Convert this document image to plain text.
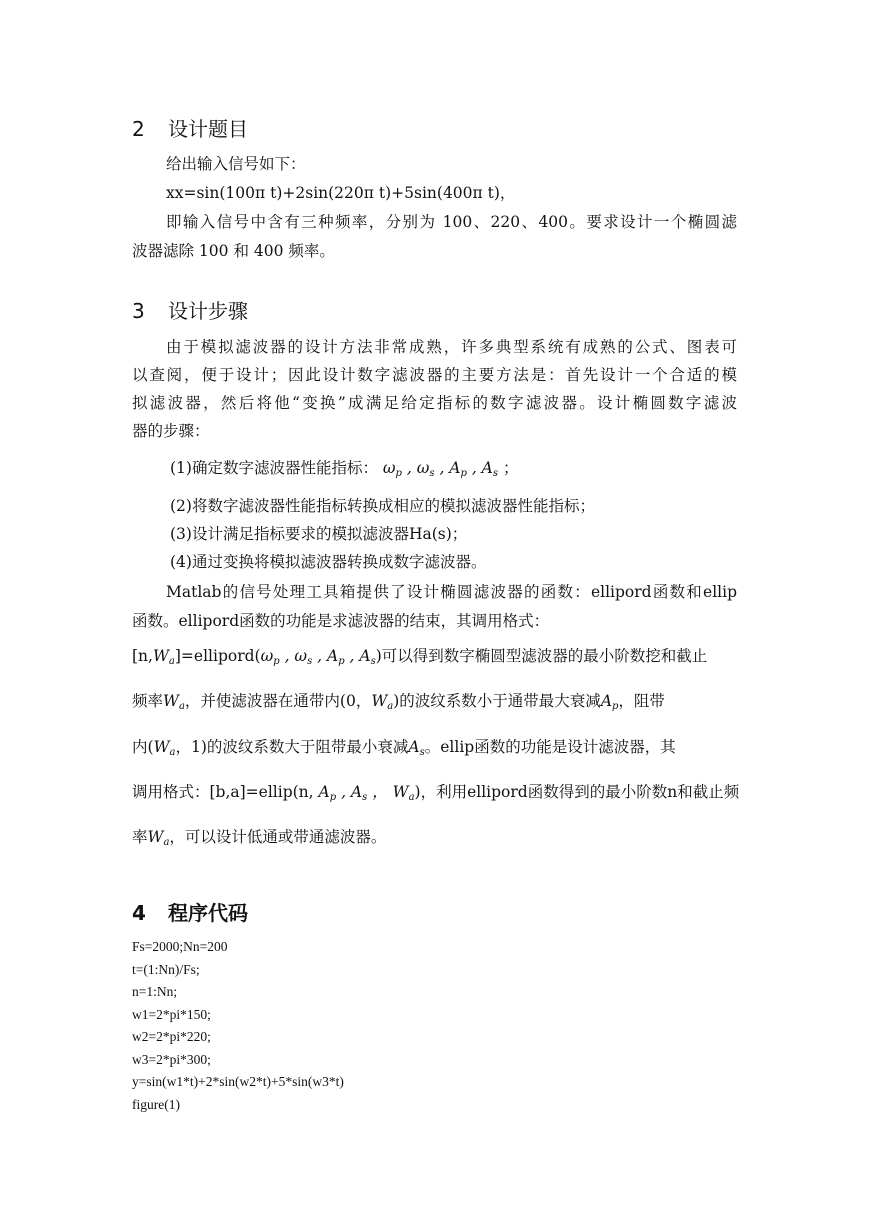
2 设计题目
给出输入信号如下：
xx=sin(100π t)+2sin(220π t)+5sin(400π t)，
即输入信号中含有三种频率，分别为 100、220、400。要求设计一个椭圆滤
波器滤除 100 和 400 频率。
3 设计步骤
由于模拟滤波器的设计方法非常成熟，许多典型系统有成熟的公式、图表可
以查阅，便于设计；因此设计数字滤波器的主要方法是：首先设计一个合适的模
拟滤波器，然后将他“变换”成满足给定指标的数字滤波器。设计椭圆数字滤波
器的步骤：
(1)确定数字滤波器性能指标： $\omega_p$ , $\omega_s$ , $A_p$ , $A_s$ ；
(2)将数字滤波器性能指标转换成相应的模拟滤波器性能指标；
(3)设计满足指标要求的模拟滤波器Ha(s)；
(4)通过变换将模拟滤波器转换成数字滤波器。
Matlab的信号处理工具箱提供了设计椭圆滤波器的函数：ellipord函数和ellip
函数。ellipord函数的功能是求滤波器的结束，其调用格式：
$[n,W_a]=ellipord(\omega_p$ , $\omega_s$ , $A_p$ , $A_s$)可以得到数字椭圆型滤波器的最小阶数挖和截止
频率$W_a$，并使滤波器在通带内(0，$W_a$)的波纹系数小于通带最大衰减$A_p$，阻带
内($W_a$，1)的波纹系数大于阻带最小衰减$A_s$。ellip函数的功能是设计滤波器，其
调用格式：[b,a]=ellip(n, $A_p$ , $A_s$ ， $W_a$)，利用ellipord函数得到的最小阶数n和截止频
率$W_a$，可以设计低通或带通滤波器。
4 程序代码
Fs=2000;Nn=200
t=(1:Nn)/Fs;
n=1:Nn;
w1=2*pi*150;
w2=2*pi*220;
w3=2*pi*300;
y=sin(w1*t)+2*sin(w2*t)+5*sin(w3*t)
figure(1)
